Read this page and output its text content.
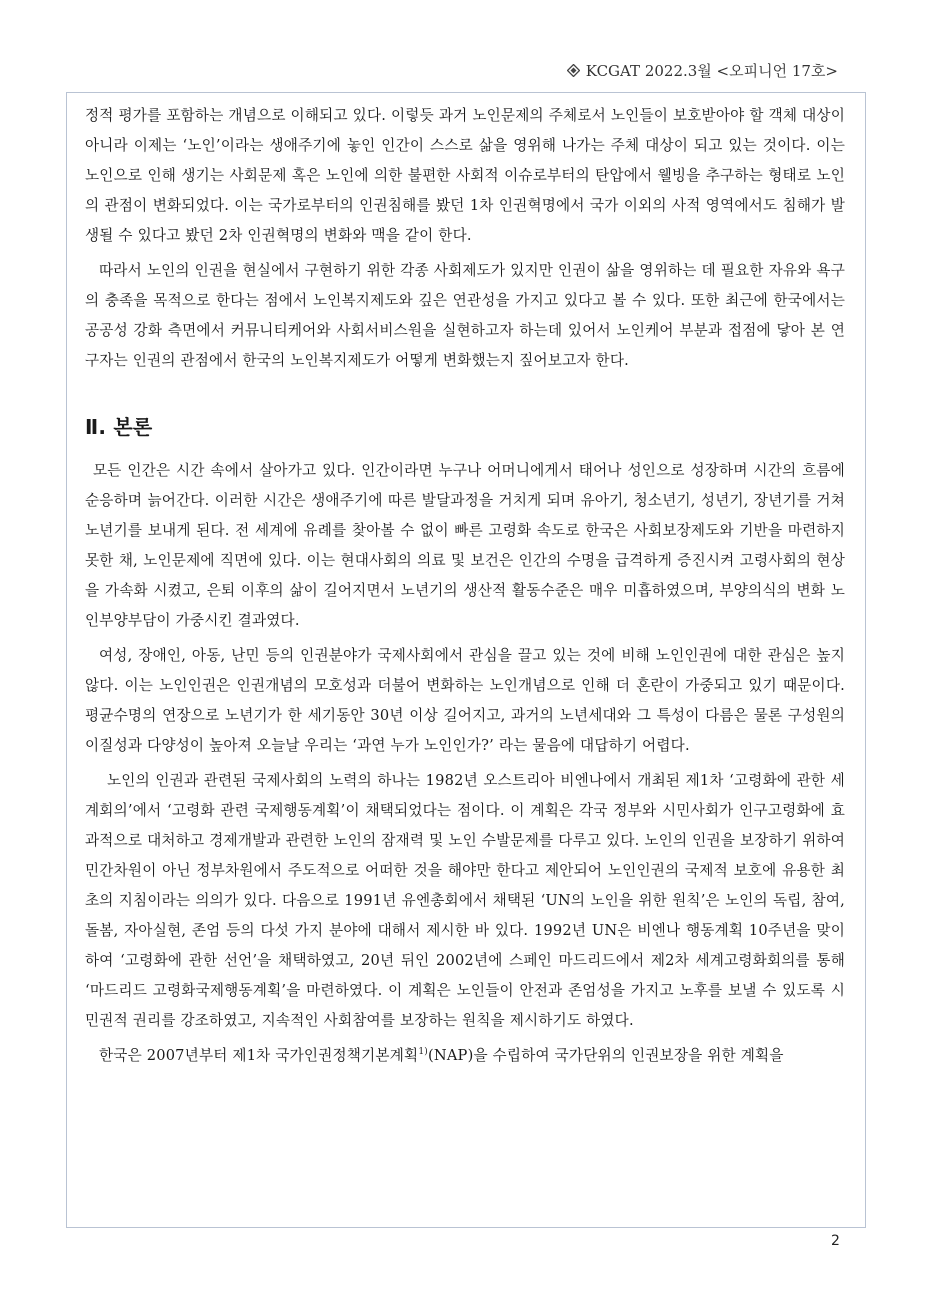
KCGAT 2022.3월 <오피니언 17호>

정적 평가를 포함하는 개념으로 이해되고 있다. 이렇듯 과거 노인문제의 주체로서 노인들이 보호받아야 할 객체 대상이 아니라 이제는 ‘노인’이라는 생애주기에 놓인 인간이 스스로 삶을 영위해 나가는 주체 대상이 되고 있는 것이다. 이는 노인으로 인해 생기는 사회문제 혹은 노인에 의한 불편한 사회적 이슈로부터의 탄압에서 웰빙을 추구하는 형태로 노인의 관점이 변화되었다. 이는 국가로부터의 인권침해를 봤던 1차 인권혁명에서 국가 이외의 사적 영역에서도 침해가 발생될 수 있다고 봤던 2차 인권혁명의 변화와 맥을 같이 한다.

따라서 노인의 인권을 현실에서 구현하기 위한 각종 사회제도가 있지만 인권이 삶을 영위하는 데 필요한 자유와 욕구의 충족을 목적으로 한다는 점에서 노인복지제도와 깊은 연관성을 가지고 있다고 볼 수 있다. 또한 최근에 한국에서는 공공성 강화 측면에서 커뮤니티케어와 사회서비스원을 실현하고자 하는데 있어서 노인케어 부분과 접점에 닿아 본 연구자는 인권의 관점에서 한국의 노인복지제도가 어떻게 변화했는지 짚어보고자 한다.

Ⅱ. 본론

모든 인간은 시간 속에서 살아가고 있다. 인간이라면 누구나 어머니에게서 태어나 성인으로 성장하며 시간의 흐름에 순응하며 늙어간다. 이러한 시간은 생애주기에 따른 발달과정을 거치게 되며 유아기, 청소년기, 성년기, 장년기를 거쳐 노년기를 보내게 된다. 전 세계에 유례를 찾아볼 수 없이 빠른 고령화 속도로 한국은 사회보장제도와 기반을 마련하지 못한 채, 노인문제에 직면에 있다. 이는 현대사회의 의료 및 보건은 인간의 수명을 급격하게 증진시켜 고령사회의 현상을 가속화 시켰고, 은퇴 이후의 삶이 길어지면서 노년기의 생산적 활동수준은 매우 미흡하였으며, 부양의식의 변화 노인부양부담이 가중시킨 결과였다.

여성, 장애인, 아동, 난민 등의 인권분야가 국제사회에서 관심을 끌고 있는 것에 비해 노인인권에 대한 관심은 높지 않다. 이는 노인인권은 인권개념의 모호성과 더불어 변화하는 노인개념으로 인해 더 혼란이 가중되고 있기 때문이다. 평균수명의 연장으로 노년기가 한 세기동안 30년 이상 길어지고, 과거의 노년세대와 그 특성이 다름은 물론 구성원의 이질성과 다양성이 높아져 오늘날 우리는 ‘과연 누가 노인인가?’ 라는 물음에 대답하기 어렵다.

노인의 인권과 관련된 국제사회의 노력의 하나는 1982년 오스트리아 비엔나에서 개최된 제1차 ‘고령화에 관한 세계회의’에서 ‘고령화 관련 국제행동계획’이 채택되었다는 점이다. 이 계획은 각국 정부와 시민사회가 인구고령화에 효과적으로 대처하고 경제개발과 관련한 노인의 잠재력 및 노인 수발문제를 다루고 있다. 노인의 인권을 보장하기 위하여 민간차원이 아닌 정부차원에서 주도적으로 어떠한 것을 해야만 한다고 제안되어 노인인권의 국제적 보호에 유용한 최초의 지침이라는 의의가 있다. 다음으로 1991년 유엔총회에서 채택된 ‘UN의 노인을 위한 원칙’은 노인의 독립, 참여, 돌봄, 자아실현, 존엄 등의 다섯 가지 분야에 대해서 제시한 바 있다. 1992년 UN은 비엔나 행동계획 10주년을 맞이하여 ‘고령화에 관한 선언’을 채택하였고, 20년 뒤인 2002년에 스페인 마드리드에서 제2차 세계고령화회의를 통해 ‘마드리드 고령화국제행동계획’을 마련하였다. 이 계획은 노인들이 안전과 존엄성을 가지고 노후를 보낼 수 있도록 시민권적 권리를 강조하였고, 지속적인 사회참여를 보장하는 원칙을 제시하기도 하였다.

한국은 2007년부터 제1차 국가인권정책기본계획$^{1)}$(NAP)을 수립하여 국가단위의 인권보장을 위한 계획을

2
